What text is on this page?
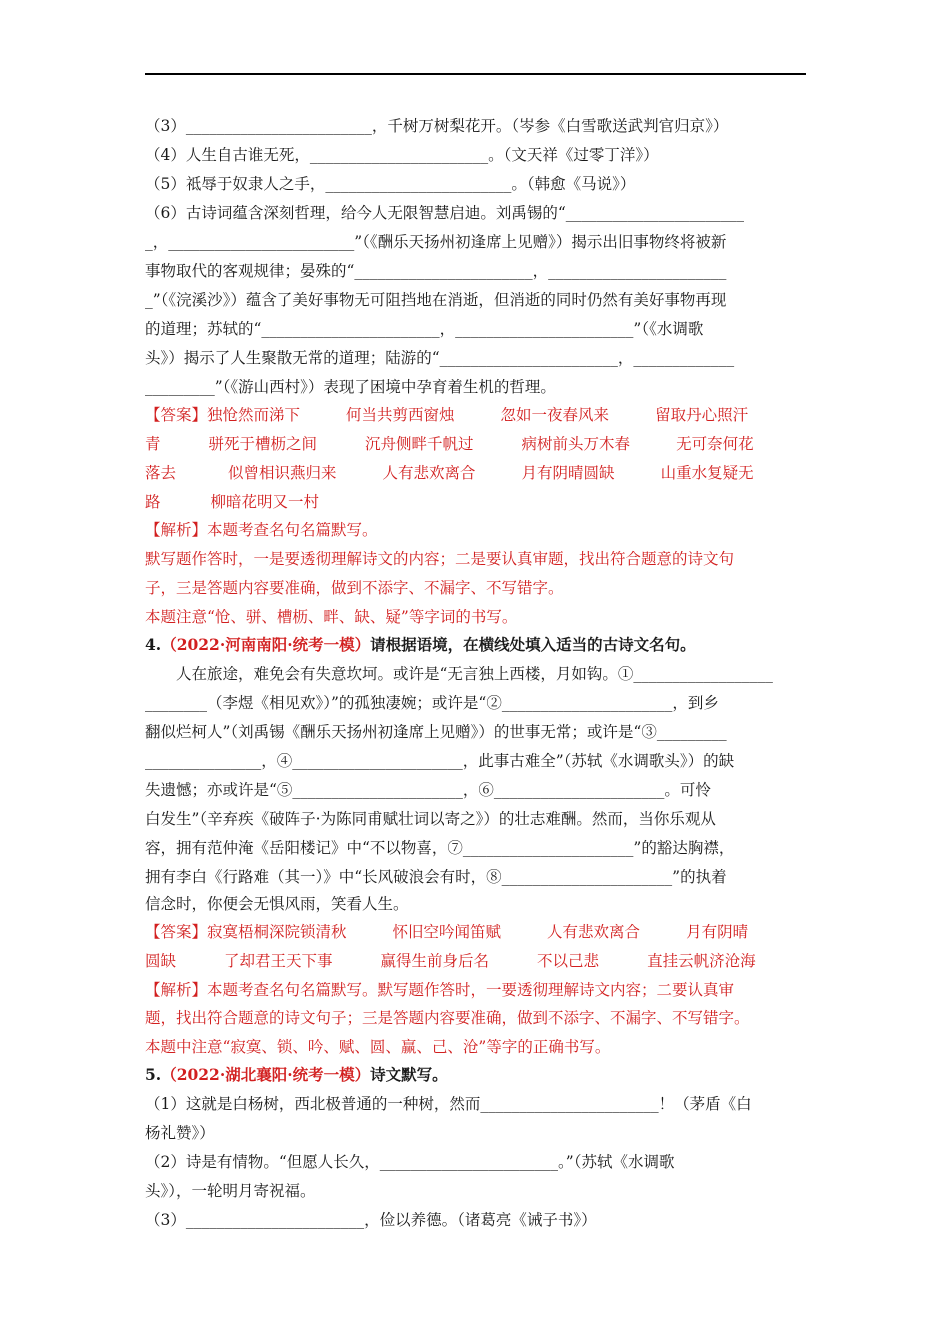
（3）________________________，千树万树梨花开。（岑参《白雪歌送武判官归京》）
（4）人生自古谁无死，_______________________。（文天祥《过零丁洋》）
（5）祗辱于奴隶人之手，________________________。（韩愈《马说》）
（6）古诗词蕴含深刻哲理，给今人无限智慧启迪。刘禹锡的“_______________________
_，________________________”（《酬乐天扬州初逢席上见赠》）揭示出旧事物终将被新
事物取代的客观规律；晏殊的“_______________________，_______________________
_”（《浣溪沙》）蕴含了美好事物无可阻挡地在消逝，但消逝的同时仍然有美好事物再现
的道理；苏轼的“_______________________，_______________________”（《水调歌
头》）揭示了人生聚散无常的道理；陆游的“_______________________，_____________
_________”（《游山西村》）表现了困境中孕育着生机的哲理。
【答案】独怆然而涕下	何当共剪西窗烛	忽如一夜春风来	留取丹心照汗
青	骈死于槽枥之间	沉舟侧畔千帆过	病树前头万木春	无可奈何花
落去	似曾相识燕归来	人有悲欢离合	月有阴晴圆缺	山重水复疑无
路	柳暗花明又一村
【解析】本题考查名句名篇默写。
默写题作答时，一是要透彻理解诗文的内容；二是要认真审题，找出符合题意的诗文句
子，三是答题内容要准确，做到不添字、不漏字、不写错字。
本题注意“怆、骈、槽枥、畔、缺、疑”等字词的书写。
4.（2022·河南南阳·统考一模）请根据语境，在横线处填入适当的古诗文名句。
　　人在旅途，难免会有失意坎坷。或许是“无言独上西楼，月如钩。①__________________
________（李煜《相见欢》）”的孤独凄婉；或许是“②______________________，到乡
翻似烂柯人”（刘禹锡《酬乐天扬州初逢席上见赠》）的世事无常；或许是“③_________
_______________，④______________________，此事古难全”（苏轼《水调歌头》）的缺
失遗憾；亦或许是“⑤______________________，⑥______________________。可怜
白发生”（辛弃疾《破阵子·为陈同甫赋壮词以寄之》）的壮志难酬。然而，当你乐观从
容，拥有范仲淹《岳阳楼记》中“不以物喜，⑦______________________”的豁达胸襟，
拥有李白《行路难（其一）》中“长风破浪会有时，⑧______________________”的执着
信念时，你便会无惧风雨，笑看人生。
【答案】寂寞梧桐深院锁清秋	怀旧空吟闻笛赋	人有悲欢离合	月有阴晴
圆缺	了却君王天下事	赢得生前身后名	不以己悲	直挂云帆济沧海
【解析】本题考查名句名篇默写。默写题作答时，一要透彻理解诗文内容；二要认真审
题，找出符合题意的诗文句子；三是答题内容要准确，做到不添字、不漏字、不写错字。
本题中注意“寂寞、锁、吟、赋、圆、赢、己、沧”等字的正确书写。
5.（2022·湖北襄阳·统考一模）诗文默写。
（1）这就是白杨树，西北极普通的一种树，然而_______________________！（茅盾《白
杨礼赞》）
（2）诗是有情物。“但愿人长久，_______________________。”（苏轼《水调歌
头》），一轮明月寄祝福。
（3）_______________________，俭以养德。（诸葛亮《诫子书》）
